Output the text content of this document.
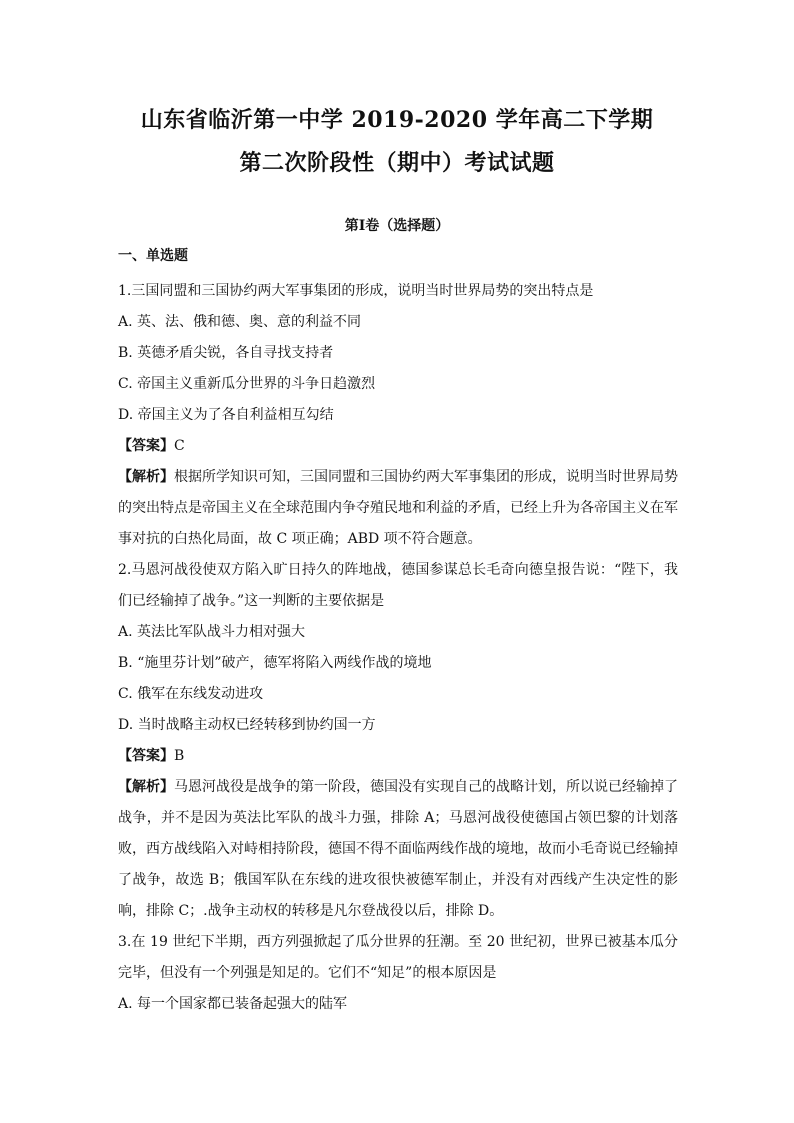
山东省临沂第一中学 2019-2020 学年高二下学期
第二次阶段性（期中）考试试题
第Ⅰ卷（选择题）
一、单选题
1.三国同盟和三国协约两大军事集团的形成，说明当时世界局势的突出特点是
A. 英、法、俄和德、奥、意的利益不同
B. 英德矛盾尖锐，各自寻找支持者
C. 帝国主义重新瓜分世界的斗争日趋激烈
D. 帝国主义为了各自利益相互勾结
【答案】C
【解析】根据所学知识可知，三国同盟和三国协约两大军事集团的形成，说明当时世界局势的突出特点是帝国主义在全球范围内争夺殖民地和利益的矛盾，已经上升为各帝国主义在军事对抗的白热化局面，故 C 项正确；ABD 项不符合题意。
2.马恩河战役使双方陷入旷日持久的阵地战，德国参谋总长毛奇向德皇报告说：“陛下，我们已经输掉了战争。”这一判断的主要依据是
A. 英法比军队战斗力相对强大
B. “施里芬计划”破产，德军将陷入两线作战的境地
C. 俄军在东线发动进攻
D. 当时战略主动权已经转移到协约国一方
【答案】B
【解析】马恩河战役是战争的第一阶段，德国没有实现自己的战略计划，所以说已经输掉了战争，并不是因为英法比军队的战斗力强，排除 A；马恩河战役使德国占领巴黎的计划落败，西方战线陷入对峙相持阶段，德国不得不面临两线作战的境地，故而小毛奇说已经输掉了战争，故选 B；俄国军队在东线的进攻很快被德军制止，并没有对西线产生决定性的影响，排除 C；.战争主动权的转移是凡尔登战役以后，排除 D。
3.在 19 世纪下半期，西方列强掀起了瓜分世界的狂潮。至 20 世纪初，世界已被基本瓜分完毕，但没有一个列强是知足的。它们不“知足”的根本原因是
A. 每一个国家都已装备起强大的陆军
